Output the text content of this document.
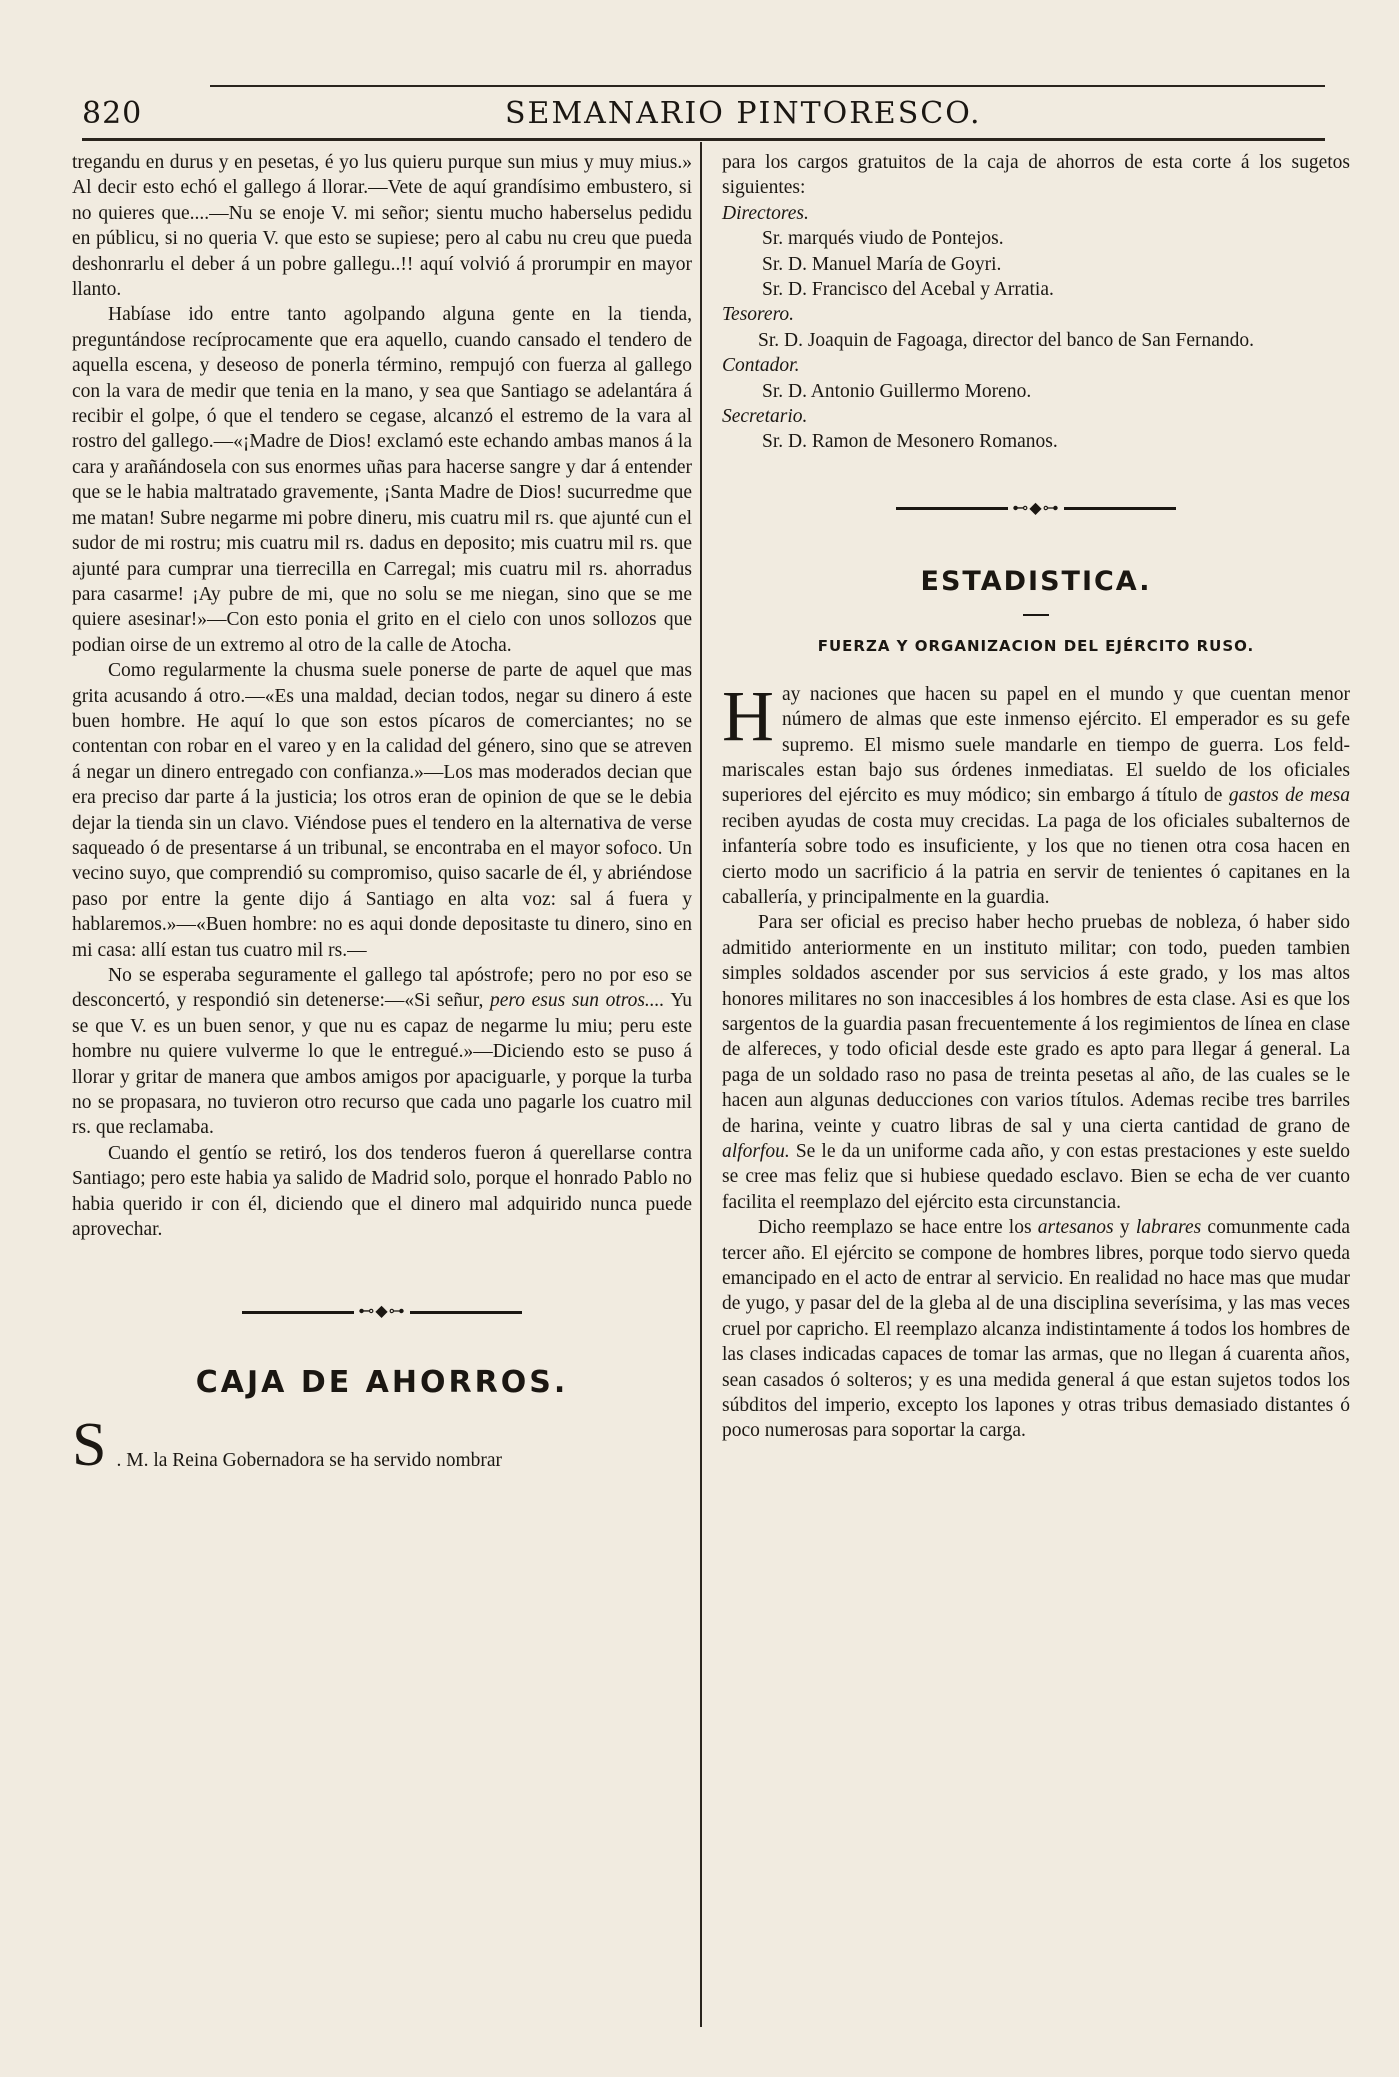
820	SEMANARIO PINTORESCO.

tregandu en durus y en pesetas, é yo lus quieru purque sun mius y muy mius.» Al decir esto echó el gallego á llorar.—Vete de aquí grandísimo embustero, si no quieres que....—Nu se enoje V. mi señor; sientu mucho haberselus pedidu en públicu, si no queria V. que esto se supiese; pero al cabu nu creu que pueda deshonrarlu el deber á un pobre gallegu..!! aquí volvió á prorumpir en mayor llanto.

Habíase ido entre tanto agolpando alguna gente en la tienda, preguntándose recíprocamente que era aquello, cuando cansado el tendero de aquella escena, y deseoso de ponerla término, rempujó con fuerza al gallego con la vara de medir que tenia en la mano, y sea que Santiago se adelantára á recibir el golpe, ó que el tendero se cegase, alcanzó el estremo de la vara al rostro del gallego.—«¡Madre de Dios! exclamó este echando ambas manos á la cara y arañándosela con sus enormes uñas para hacerse sangre y dar á entender que se le habia maltratado gravemente, ¡Santa Madre de Dios! sucurredme que me matan! Subre negarme mi pobre dineru, mis cuatru mil rs. que ajunté cun el sudor de mi rostru; mis cuatru mil rs. dadus en deposito; mis cuatru mil rs. que ajunté para cumprar una tierrecilla en Carregal; mis cuatru mil rs. ahorradus para casarme! ¡Ay pubre de mi, que no solu se me niegan, sino que se me quiere asesinar!»—Con esto ponia el grito en el cielo con unos sollozos que podian oirse de un extremo al otro de la calle de Atocha.

Como regularmente la chusma suele ponerse de parte de aquel que mas grita acusando á otro.—«Es una maldad, decian todos, negar su dinero á este buen hombre. He aquí lo que son estos pícaros de comerciantes; no se contentan con robar en el vareo y en la calidad del género, sino que se atreven á negar un dinero entregado con confianza.»—Los mas moderados decian que era preciso dar parte á la justicia; los otros eran de opinion de que se le debia dejar la tienda sin un clavo. Viéndose pues el tendero en la alternativa de verse saqueado ó de presentarse á un tribunal, se encontraba en el mayor sofoco. Un vecino suyo, que comprendió su compromiso, quiso sacarle de él, y abriéndose paso por entre la gente dijo á Santiago en alta voz: sal á fuera y hablaremos.»—«Buen hombre: no es aqui donde depositaste tu dinero, sino en mi casa: allí estan tus cuatro mil rs.—

No se esperaba seguramente el gallego tal apóstrofe; pero no por eso se desconcertó, y respondió sin detenerse:—«Si señur, pero esus sun otros.... Yu se que V. es un buen senor, y que nu es capaz de negarme lu miu; peru este hombre nu quiere vulverme lo que le entregué.»—Diciendo esto se puso á llorar y gritar de manera que ambos amigos por apaciguarle, y porque la turba no se propasara, no tuvieron otro recurso que cada uno pagarle los cuatro mil rs. que reclamaba.

Cuando el gentío se retiró, los dos tenderos fueron á querellarse contra Santiago; pero este habia ya salido de Madrid solo, porque el honrado Pablo no habia querido ir con él, diciendo que el dinero mal adquirido nunca puede aprovechar.

⊷◆⊶
CAJA DE AHORROS.
S . M. la Reina Gobernadora se ha servido nombrar

para los cargos gratuitos de la caja de ahorros de esta corte á los sugetos siguientes:

Directores.

Sr. marqués viudo de Pontejos.

Sr. D. Manuel María de Goyri.

Sr. D. Francisco del Acebal y Arratia.

Tesorero.

Sr. D. Joaquin de Fagoaga, director del banco de San Fernando.

Contador.

Sr. D. Antonio Guillermo Moreno.

Secretario.

Sr. D. Ramon de Mesonero Romanos.

⊷◆⊶
ESTADISTICA.
FUERZA Y ORGANIZACION DEL EJÉRCITO RUSO.

Hay naciones que hacen su papel en el mundo y que cuentan menor número de almas que este inmenso ejército. El emperador es su gefe supremo. El mismo suele mandarle en tiempo de guerra. Los feld-mariscales estan bajo sus órdenes inmediatas. El sueldo de los oficiales superiores del ejército es muy módico; sin embargo á título de gastos de mesa reciben ayudas de costa muy crecidas. La paga de los oficiales subalternos de infantería sobre todo es insuficiente, y los que no tienen otra cosa hacen en cierto modo un sacrificio á la patria en servir de tenientes ó capitanes en la caballería, y principalmente en la guardia.

Para ser oficial es preciso haber hecho pruebas de nobleza, ó haber sido admitido anteriormente en un instituto militar; con todo, pueden tambien simples soldados ascender por sus servicios á este grado, y los mas altos honores militares no son inaccesibles á los hombres de esta clase. Asi es que los sargentos de la guardia pasan frecuentemente á los regimientos de línea en clase de alfereces, y todo oficial desde este grado es apto para llegar á general. La paga de un soldado raso no pasa de treinta pesetas al año, de las cuales se le hacen aun algunas deducciones con varios títulos. Ademas recibe tres barriles de harina, veinte y cuatro libras de sal y una cierta cantidad de grano de alforfou. Se le da un uniforme cada año, y con estas prestaciones y este sueldo se cree mas feliz que si hubiese quedado esclavo. Bien se echa de ver cuanto facilita el reemplazo del ejército esta circunstancia.

Dicho reemplazo se hace entre los artesanos y labrares comunmente cada tercer año. El ejército se compone de hombres libres, porque todo siervo queda emancipado en el acto de entrar al servicio. En realidad no hace mas que mudar de yugo, y pasar del de la gleba al de una disciplina severísima, y las mas veces cruel por capricho. El reemplazo alcanza indistintamente á todos los hombres de las clases indicadas capaces de tomar las armas, que no llegan á cuarenta años, sean casados ó solteros; y es una medida general á que estan sujetos todos los súbditos del imperio, excepto los lapones y otras tribus demasiado distantes ó poco numerosas para soportar la carga.
